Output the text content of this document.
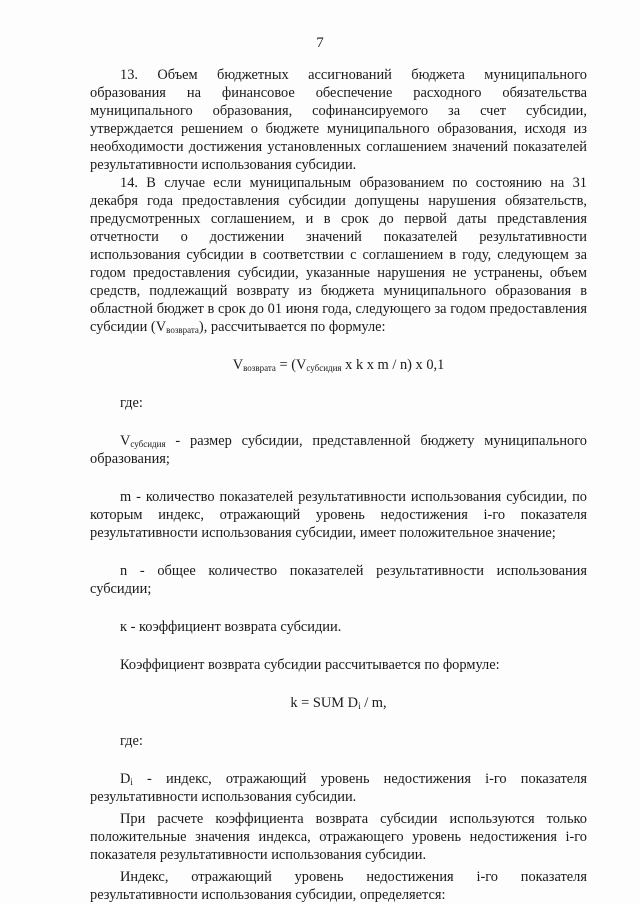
7

13. Объем бюджетных ассигнований бюджета муниципального образования на финансовое обеспечение расходного обязательства муниципального образования, софинансируемого за счет субсидии, утверждается решением о бюджете муниципального образования, исходя из необходимости достижения установленных соглашением значений показателей результативности использования субсидии.

14. В случае если муниципальным образованием по состоянию на 31 декабря года предоставления субсидии допущены нарушения обязательств, предусмотренных соглашением, и в срок до первой даты представления отчетности о достижении значений показателей результативности использования субсидии в соответствии с соглашением в году, следующем за годом предоставления субсидии, указанные нарушения не устранены, объем средств, подлежащий возврату из бюджета муниципального образования в областной бюджет в срок до 01 июня года, следующего за годом предоставления субсидии $(V_{возврата})$, рассчитывается по формуле:

$V_{возврата} = (V_{субсидия}$ x k x m / n) x 0,1

где:

$V_{субсидия}$ - размер субсидии, представленной бюджету муниципального образования;

m - количество показателей результативности использования субсидии, по которым индекс, отражающий уровень недостижения i-го показателя результативности использования субсидии, имеет положительное значение;

n - общее количество показателей результативности использования субсидии;

к - коэффициент возврата субсидии.

Коэффициент возврата субсидии рассчитывается по формуле:

k = SUM $D_i$ / m,

где:

Di - индекс, отражающий уровень недостижения i-го показателя результативности использования субсидии.

При расчете коэффициента возврата субсидии используются только положительные значения индекса, отражающего уровень недостижения i-го показателя результативности использования субсидии.

Индекс, отражающий уровень недостижения i-го показателя результативности использования субсидии, определяется:
